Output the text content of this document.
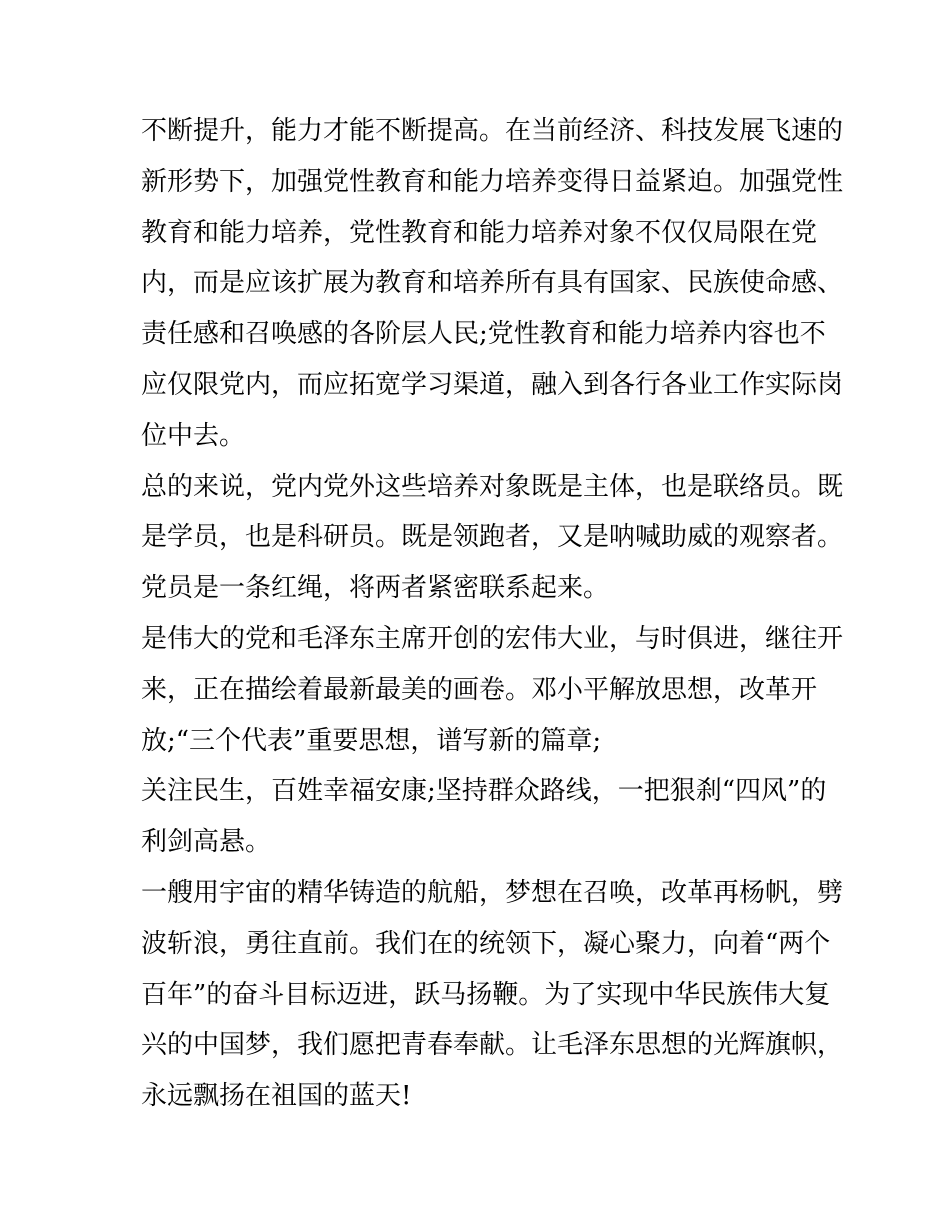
不断提升，能力才能不断提高。在当前经济、科技发展飞速的
新形势下，加强党性教育和能力培养变得日益紧迫。加强党性
教育和能力培养，党性教育和能力培养对象不仅仅局限在党
内，而是应该扩展为教育和培养所有具有国家、民族使命感、
责任感和召唤感的各阶层人民;党性教育和能力培养内容也不
应仅限党内，而应拓宽学习渠道，融入到各行各业工作实际岗
位中去。
总的来说，党内党外这些培养对象既是主体，也是联络员。既
是学员，也是科研员。既是领跑者，又是呐喊助威的观察者。
党员是一条红绳，将两者紧密联系起来。
是伟大的党和毛泽东主席开创的宏伟大业，与时俱进，继往开
来，正在描绘着最新最美的画卷。邓小平解放思想，改革开
放;“三个代表”重要思想，谱写新的篇章;
关注民生，百姓幸福安康;坚持群众路线，一把狠刹“四风”的
利剑高悬。
一艘用宇宙的精华铸造的航船，梦想在召唤，改革再杨帆，劈
波斩浪，勇往直前。我们在的统领下，凝心聚力，向着“两个
百年”的奋斗目标迈进，跃马扬鞭。为了实现中华民族伟大复
兴的中国梦，我们愿把青春奉献。让毛泽东思想的光辉旗帜，
永远飘扬在祖国的蓝天!
